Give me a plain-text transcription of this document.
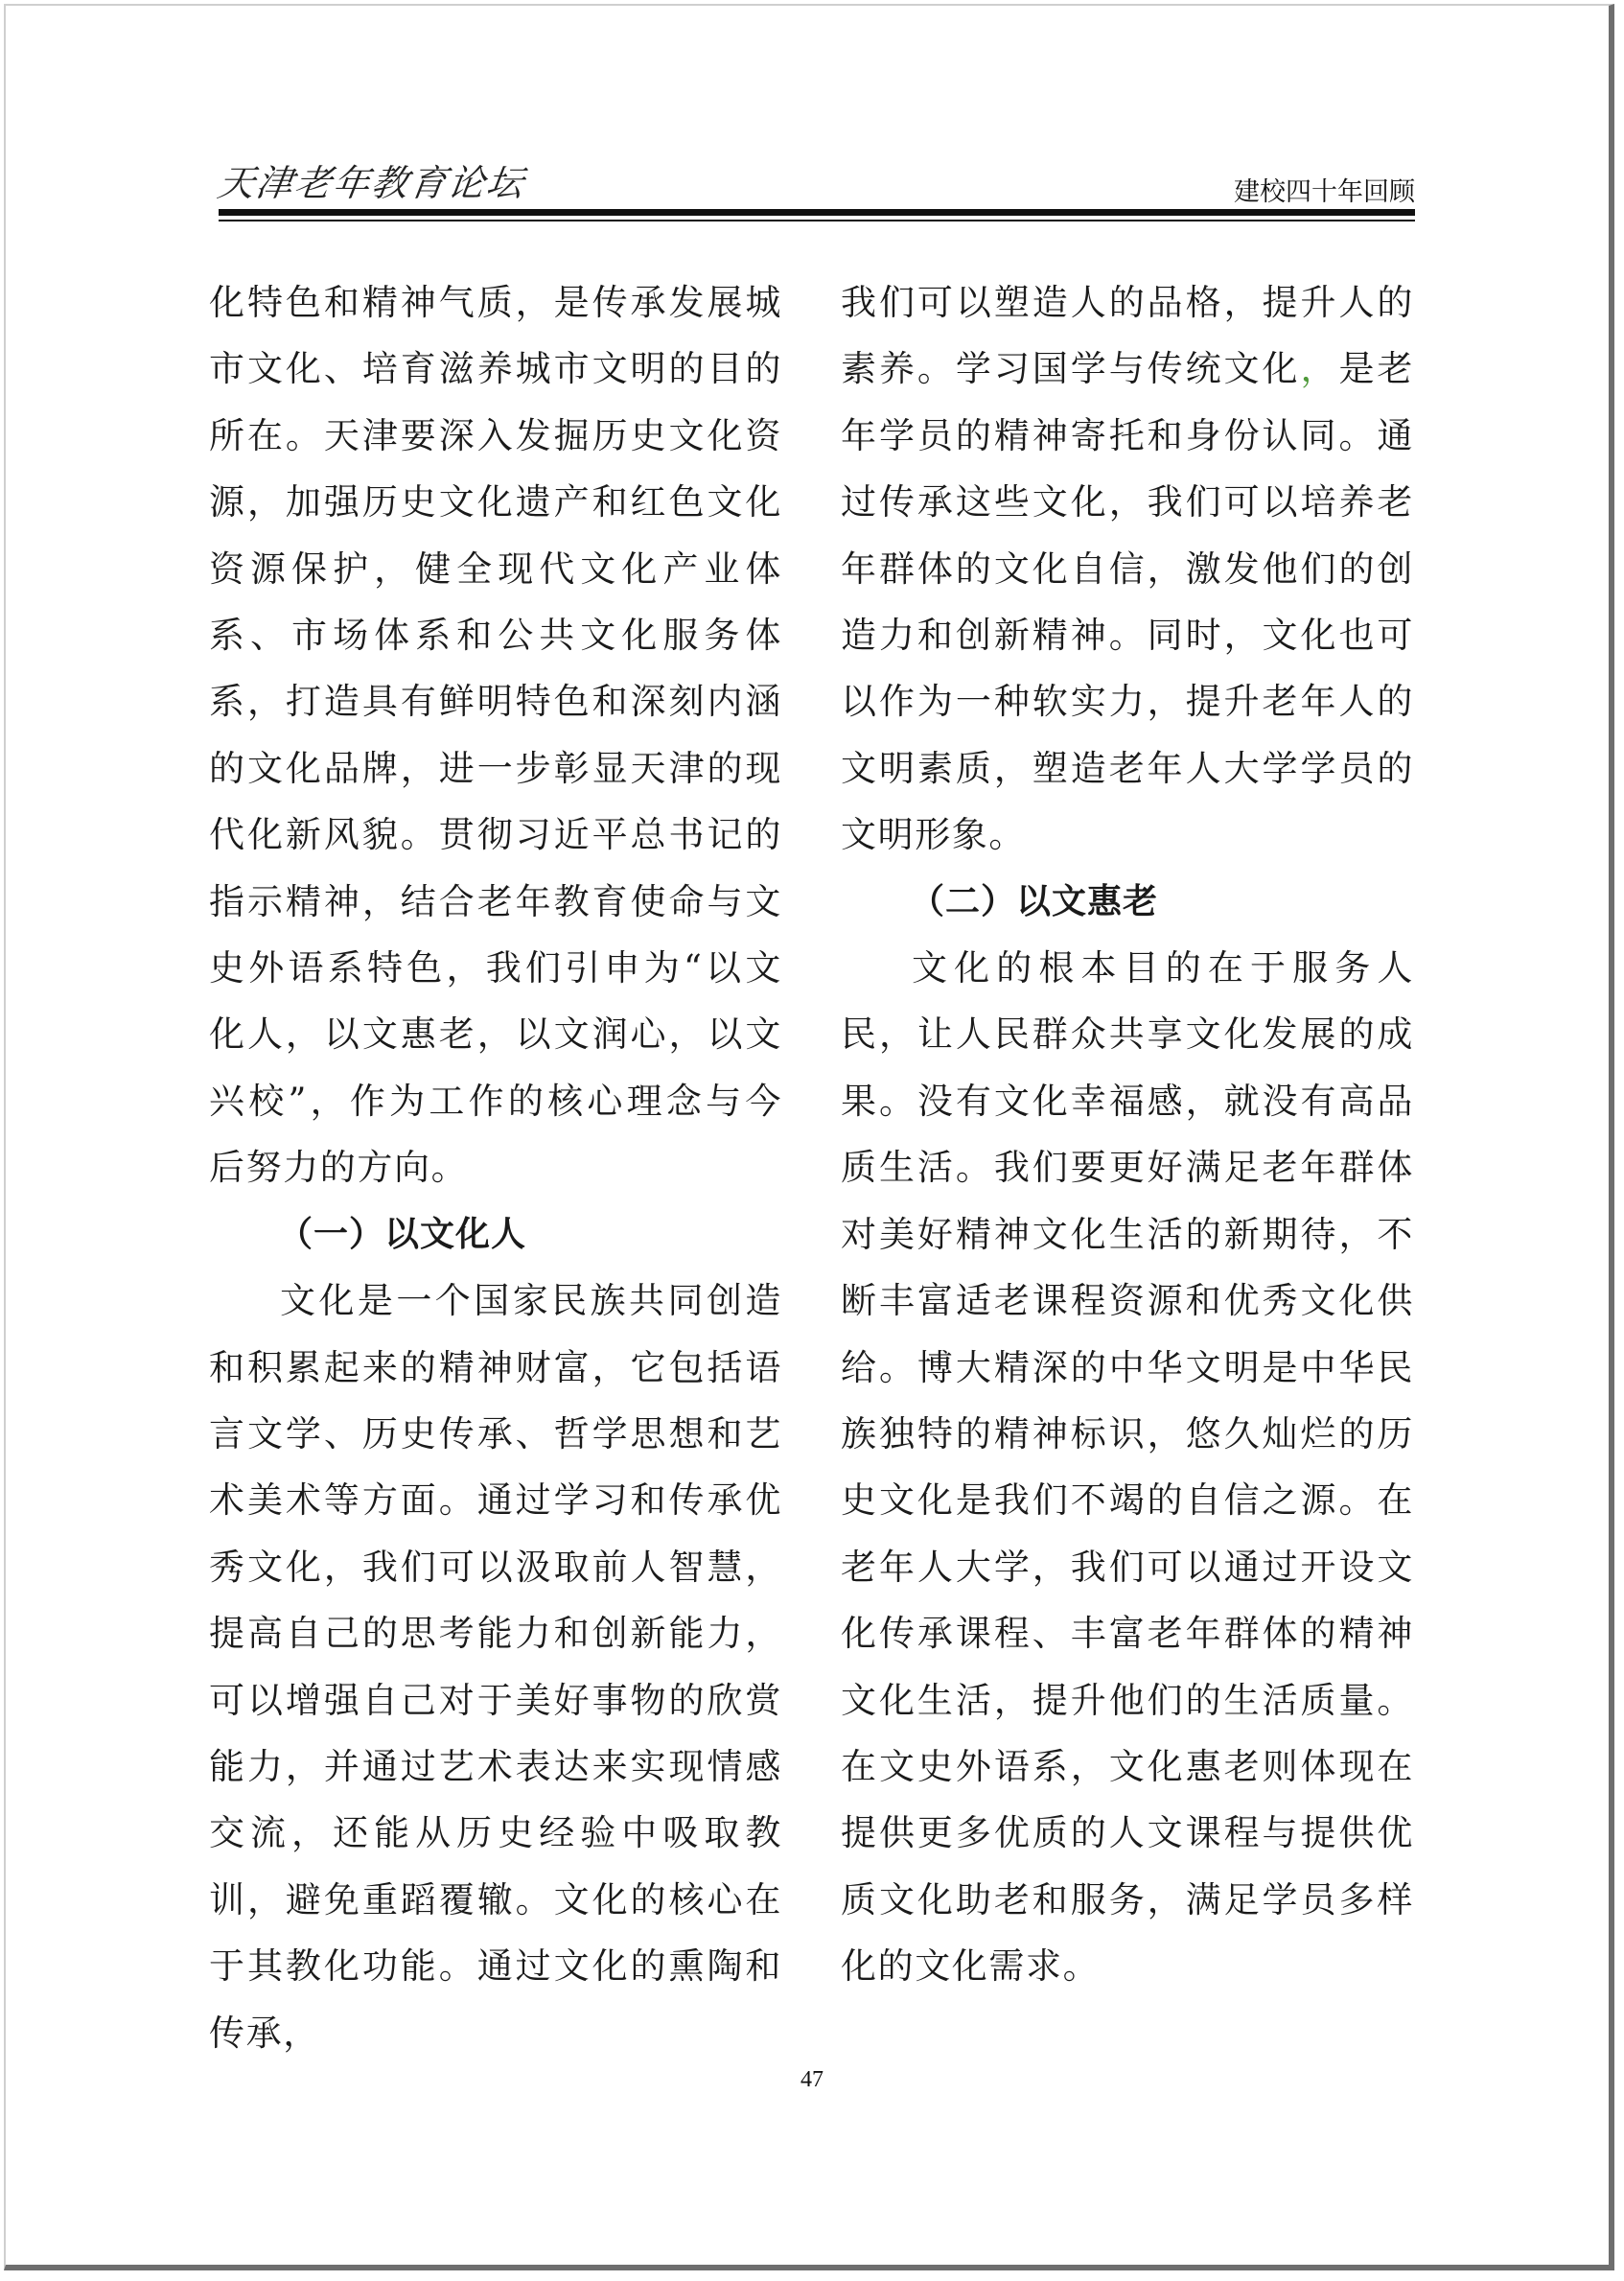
天津老年教育论坛	建校四十年回顾

化特色和精神气质，是传承发展城市文化、培育滋养城市文明的目的所在。天津要深入发掘历史文化资源，加强历史文化遗产和红色文化资源保护，健全现代文化产业体系、市场体系和公共文化服务体系，打造具有鲜明特色和深刻内涵的文化品牌，进一步彰显天津的现代化新风貌。贯彻习近平总书记的指示精神，结合老年教育使命与文史外语系特色，我们引申为“以文化人，以文惠老，以文润心，以文兴校”，作为工作的核心理念与今后努力的方向。

（一）以文化人

文化是一个国家民族共同创造和积累起来的精神财富，它包括语言文学、历史传承、哲学思想和艺术美术等方面。通过学习和传承优秀文化，我们可以汲取前人智慧，提高自己的思考能力和创新能力，可以增强自己对于美好事物的欣赏能力，并通过艺术表达来实现情感交流，还能从历史经验中吸取教训，避免重蹈覆辙。文化的核心在于其教化功能。通过文化的熏陶和传承，

我们可以塑造人的品格，提升人的素养。学习国学与传统文化，是老年学员的精神寄托和身份认同。通过传承这些文化，我们可以培养老年群体的文化自信，激发他们的创造力和创新精神。同时，文化也可以作为一种软实力，提升老年人的文明素质，塑造老年人大学学员的文明形象。

（二）以文惠老

文化的根本目的在于服务人民，让人民群众共享文化发展的成果。没有文化幸福感，就没有高品质生活。我们要更好满足老年群体对美好精神文化生活的新期待，不断丰富适老课程资源和优秀文化供给。博大精深的中华文明是中华民族独特的精神标识，悠久灿烂的历史文化是我们不竭的自信之源。在老年人大学，我们可以通过开设文化传承课程、丰富老年群体的精神文化生活，提升他们的生活质量。在文史外语系，文化惠老则体现在提供更多优质的人文课程与提供优质文化助老和服务，满足学员多样化的文化需求。

47
